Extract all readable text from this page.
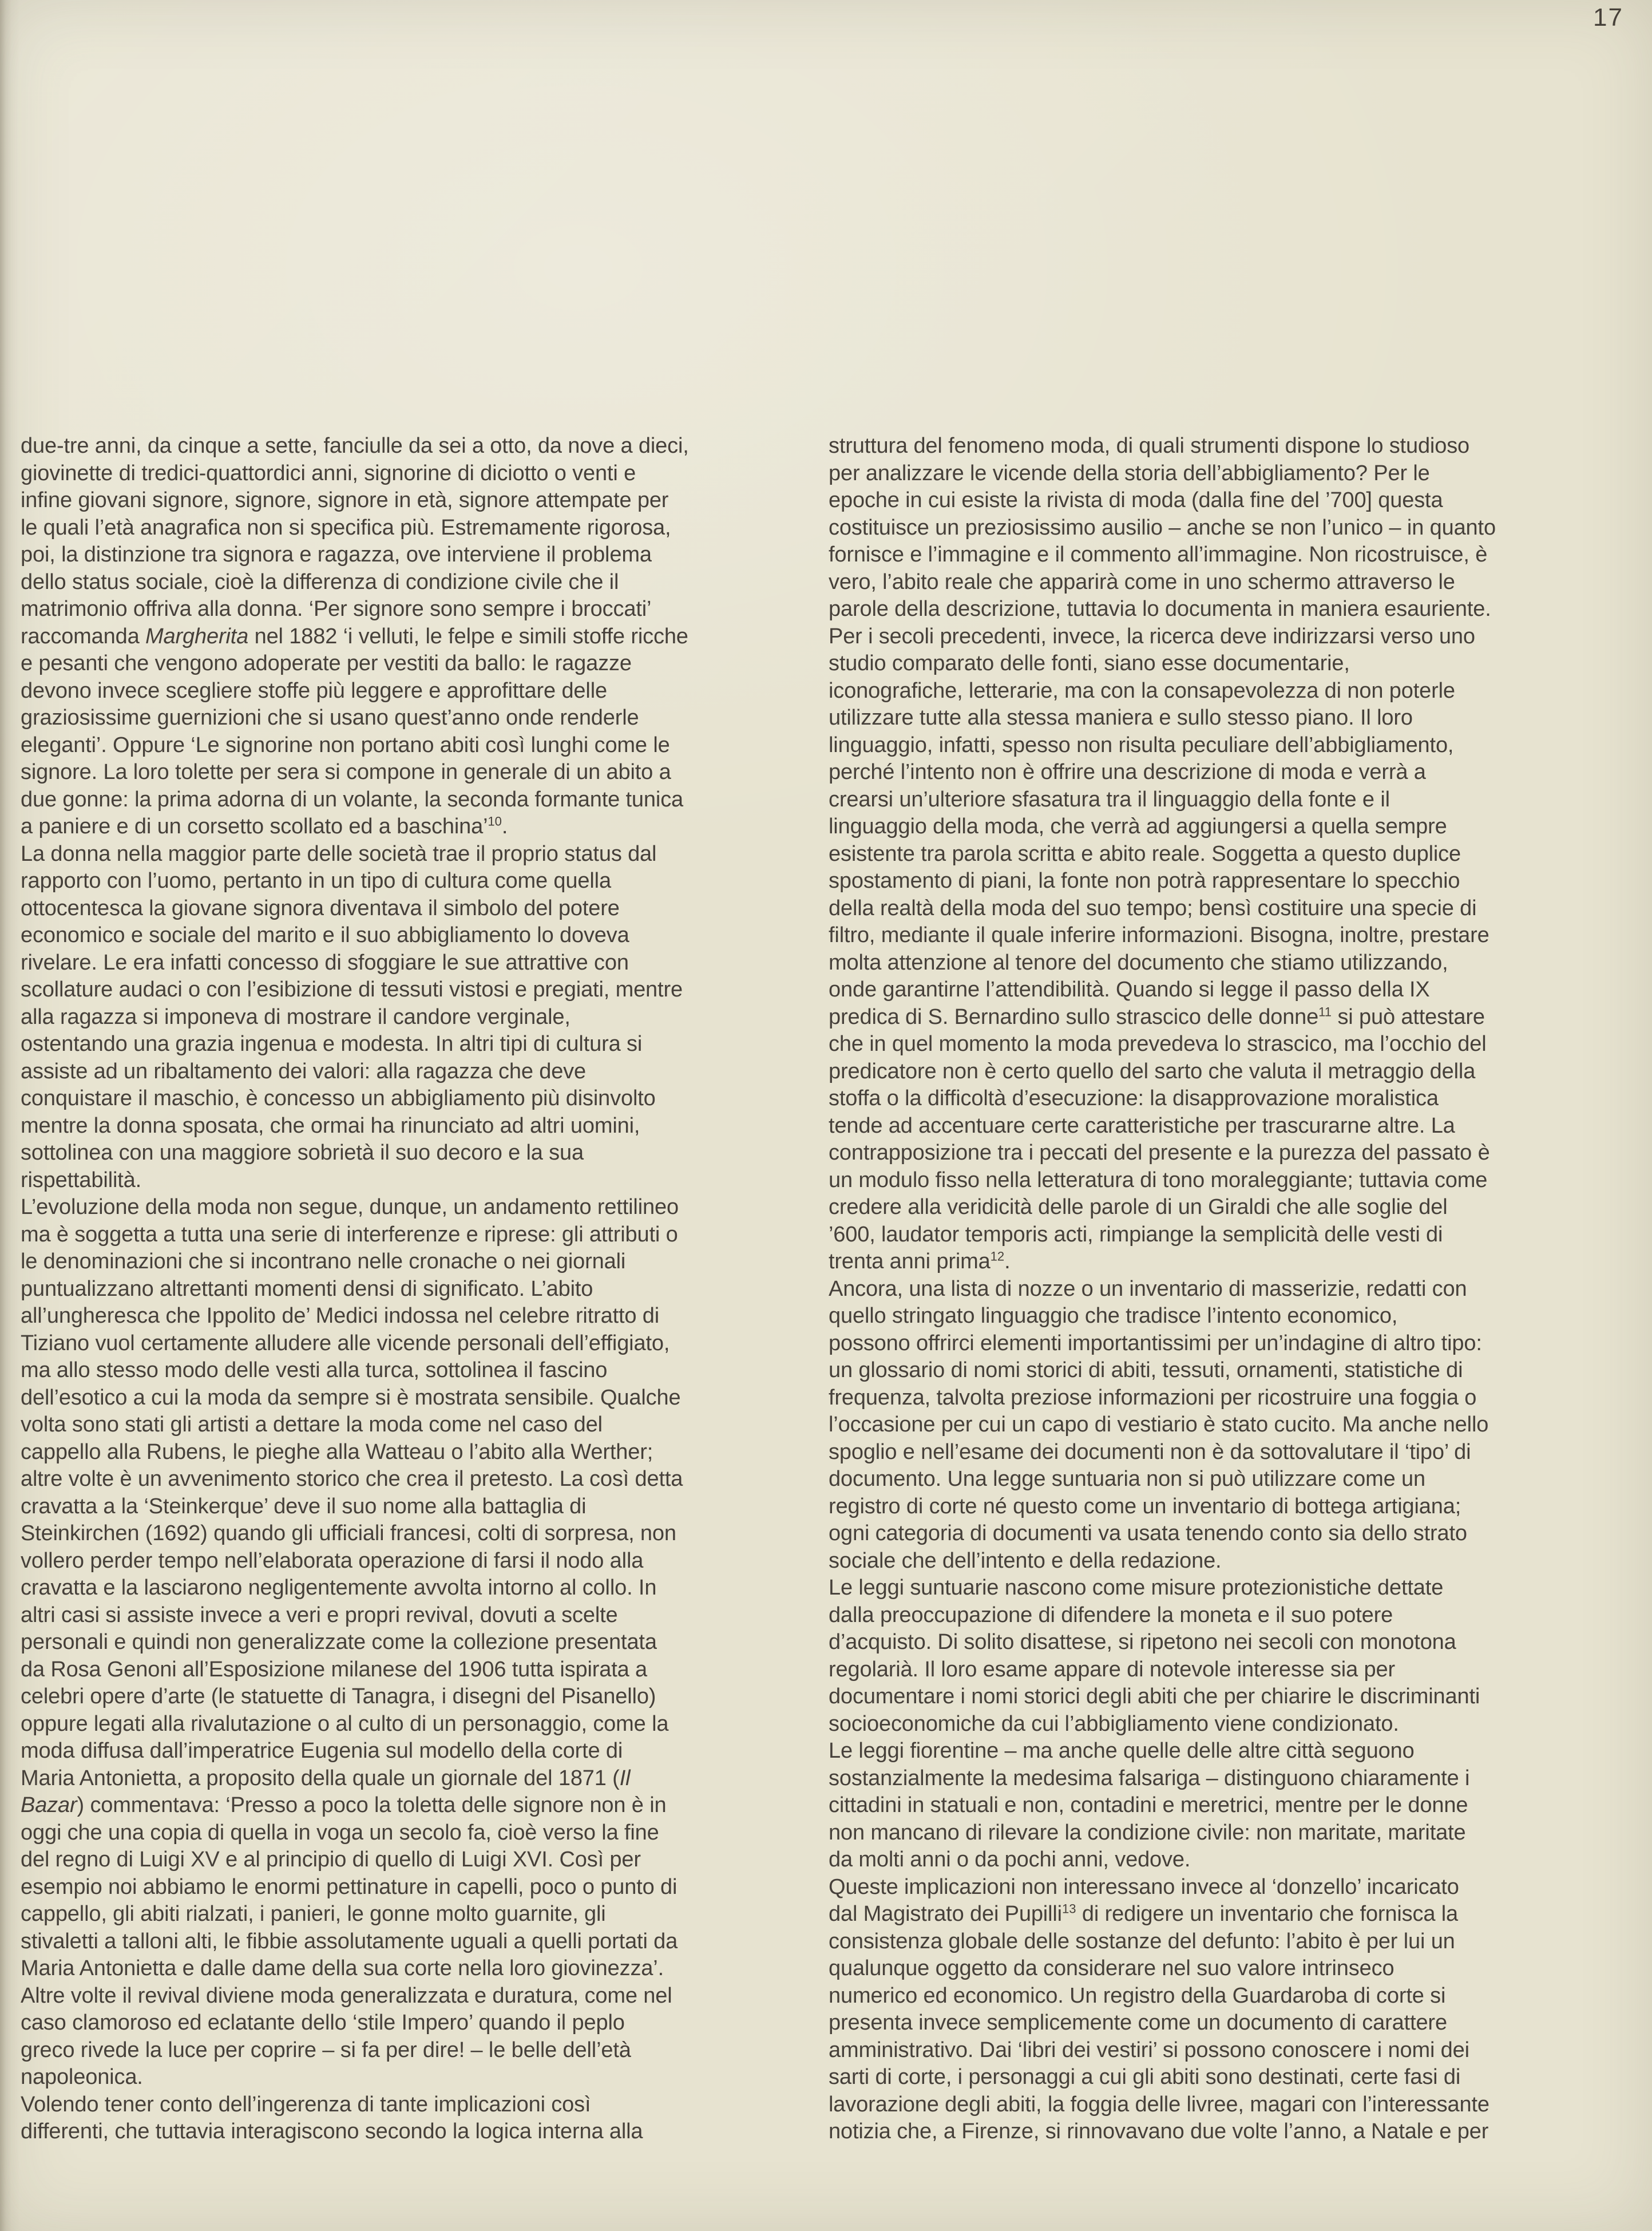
17
due-tre anni, da cinque a sette, fanciulle da sei a otto, da nove a dieci,
giovinette di tredici-quattordici anni, signorine di diciotto o venti e
infine giovani signore, signore, signore in età, signore attempate per
le quali l’età anagrafica non si specifica più. Estremamente rigorosa,
poi, la distinzione tra signora e ragazza, ove interviene il problema
dello status sociale, cioè la differenza di condizione civile che il
matrimonio offriva alla donna. ‘Per signore sono sempre i broccati’
raccomanda Margherita nel 1882 ‘i velluti, le felpe e simili stoffe ricche
e pesanti che vengono adoperate per vestiti da ballo: le ragazze
devono invece scegliere stoffe più leggere e approfittare delle
graziosissime guernizioni che si usano quest’anno onde renderle
eleganti’. Oppure ‘Le signorine non portano abiti così lunghi come le
signore. La loro tolette per sera si compone in generale di un abito a
due gonne: la prima adorna di un volante, la seconda formante tunica
a paniere e di un corsetto scollato ed a baschina’$^{10}$.
La donna nella maggior parte delle società trae il proprio status dal
rapporto con l’uomo, pertanto in un tipo di cultura come quella
ottocentesca la giovane signora diventava il simbolo del potere
economico e sociale del marito e il suo abbigliamento lo doveva
rivelare. Le era infatti concesso di sfoggiare le sue attrattive con
scollature audaci o con l’esibizione di tessuti vistosi e pregiati, mentre
alla ragazza si imponeva di mostrare il candore verginale,
ostentando una grazia ingenua e modesta. In altri tipi di cultura si
assiste ad un ribaltamento dei valori: alla ragazza che deve
conquistare il maschio, è concesso un abbigliamento più disinvolto
mentre la donna sposata, che ormai ha rinunciato ad altri uomini,
sottolinea con una maggiore sobrietà il suo decoro e la sua
rispettabilità.
L’evoluzione della moda non segue, dunque, un andamento rettilineo
ma è soggetta a tutta una serie di interferenze e riprese: gli attributi o
le denominazioni che si incontrano nelle cronache o nei giornali
puntualizzano altrettanti momenti densi di significato. L’abito
all’ungheresca che Ippolito de’ Medici indossa nel celebre ritratto di
Tiziano vuol certamente alludere alle vicende personali dell’effigiato,
ma allo stesso modo delle vesti alla turca, sottolinea il fascino
dell’esotico a cui la moda da sempre si è mostrata sensibile. Qualche
volta sono stati gli artisti a dettare la moda come nel caso del
cappello alla Rubens, le pieghe alla Watteau o l’abito alla Werther;
altre volte è un avvenimento storico che crea il pretesto. La così detta
cravatta a la ‘Steinkerque’ deve il suo nome alla battaglia di
Steinkirchen (1692) quando gli ufficiali francesi, colti di sorpresa, non
vollero perder tempo nell’elaborata operazione di farsi il nodo alla
cravatta e la lasciarono negligentemente avvolta intorno al collo. In
altri casi si assiste invece a veri e propri revival, dovuti a scelte
personali e quindi non generalizzate come la collezione presentata
da Rosa Genoni all’Esposizione milanese del 1906 tutta ispirata a
celebri opere d’arte (le statuette di Tanagra, i disegni del Pisanello)
oppure legati alla rivalutazione o al culto di un personaggio, come la
moda diffusa dall’imperatrice Eugenia sul modello della corte di
Maria Antonietta, a proposito della quale un giornale del 1871 (Il
Bazar) commentava: ‘Presso a poco la toletta delle signore non è in
oggi che una copia di quella in voga un secolo fa, cioè verso la fine
del regno di Luigi XV e al principio di quello di Luigi XVI. Così per
esempio noi abbiamo le enormi pettinature in capelli, poco o punto di
cappello, gli abiti rialzati, i panieri, le gonne molto guarnite, gli
stivaletti a talloni alti, le fibbie assolutamente uguali a quelli portati da
Maria Antonietta e dalle dame della sua corte nella loro giovinezza’.
Altre volte il revival diviene moda generalizzata e duratura, come nel
caso clamoroso ed eclatante dello ‘stile Impero’ quando il peplo
greco rivede la luce per coprire – si fa per dire! – le belle dell’età
napoleonica.
Volendo tener conto dell’ingerenza di tante implicazioni così
differenti, che tuttavia interagiscono secondo la logica interna alla
struttura del fenomeno moda, di quali strumenti dispone lo studioso
per analizzare le vicende della storia dell’abbigliamento? Per le
epoche in cui esiste la rivista di moda (dalla fine del ’700] questa
costituisce un preziosissimo ausilio – anche se non l’unico – in quanto
fornisce e l’immagine e il commento all’immagine. Non ricostruisce, è
vero, l’abito reale che apparirà come in uno schermo attraverso le
parole della descrizione, tuttavia lo documenta in maniera esauriente.
Per i secoli precedenti, invece, la ricerca deve indirizzarsi verso uno
studio comparato delle fonti, siano esse documentarie,
iconografiche, letterarie, ma con la consapevolezza di non poterle
utilizzare tutte alla stessa maniera e sullo stesso piano. Il loro
linguaggio, infatti, spesso non risulta peculiare dell’abbigliamento,
perché l’intento non è offrire una descrizione di moda e verrà a
crearsi un’ulteriore sfasatura tra il linguaggio della fonte e il
linguaggio della moda, che verrà ad aggiungersi a quella sempre
esistente tra parola scritta e abito reale. Soggetta a questo duplice
spostamento di piani, la fonte non potrà rappresentare lo specchio
della realtà della moda del suo tempo; bensì costituire una specie di
filtro, mediante il quale inferire informazioni. Bisogna, inoltre, prestare
molta attenzione al tenore del documento che stiamo utilizzando,
onde garantirne l’attendibilità. Quando si legge il passo della IX
predica di S. Bernardino sullo strascico delle donne$^{11}$ si può attestare
che in quel momento la moda prevedeva lo strascico, ma l’occhio del
predicatore non è certo quello del sarto che valuta il metraggio della
stoffa o la difficoltà d’esecuzione: la disapprovazione moralistica
tende ad accentuare certe caratteristiche per trascurarne altre. La
contrapposizione tra i peccati del presente e la purezza del passato è
un modulo fisso nella letteratura di tono moraleggiante; tuttavia come
credere alla veridicità delle parole di un Giraldi che alle soglie del
’600, laudator temporis acti, rimpiange la semplicità delle vesti di
trenta anni prima$^{12}$.
Ancora, una lista di nozze o un inventario di masserizie, redatti con
quello stringato linguaggio che tradisce l’intento economico,
possono offrirci elementi importantissimi per un’indagine di altro tipo:
un glossario di nomi storici di abiti, tessuti, ornamenti, statistiche di
frequenza, talvolta preziose informazioni per ricostruire una foggia o
l’occasione per cui un capo di vestiario è stato cucito. Ma anche nello
spoglio e nell’esame dei documenti non è da sottovalutare il ‘tipo’ di
documento. Una legge suntuaria non si può utilizzare come un
registro di corte né questo come un inventario di bottega artigiana;
ogni categoria di documenti va usata tenendo conto sia dello strato
sociale che dell’intento e della redazione.
Le leggi suntuarie nascono come misure protezionistiche dettate
dalla preoccupazione di difendere la moneta e il suo potere
d’acquisto. Di solito disattese, si ripetono nei secoli con monotona
regolarià. Il loro esame appare di notevole interesse sia per
documentare i nomi storici degli abiti che per chiarire le discriminanti
socioeconomiche da cui l’abbigliamento viene condizionato.
Le leggi fiorentine – ma anche quelle delle altre città seguono
sostanzialmente la medesima falsariga – distinguono chiaramente i
cittadini in statuali e non, contadini e meretrici, mentre per le donne
non mancano di rilevare la condizione civile: non maritate, maritate
da molti anni o da pochi anni, vedove.
Queste implicazioni non interessano invece al ‘donzello’ incaricato
dal Magistrato dei Pupilli$^{13}$ di redigere un inventario che fornisca la
consistenza globale delle sostanze del defunto: l’abito è per lui un
qualunque oggetto da considerare nel suo valore intrinseco
numerico ed economico. Un registro della Guardaroba di corte si
presenta invece semplicemente come un documento di carattere
amministrativo. Dai ‘libri dei vestiri’ si possono conoscere i nomi dei
sarti di corte, i personaggi a cui gli abiti sono destinati, certe fasi di
lavorazione degli abiti, la foggia delle livree, magari con l’interessante
notizia che, a Firenze, si rinnovavano due volte l’anno, a Natale e per
